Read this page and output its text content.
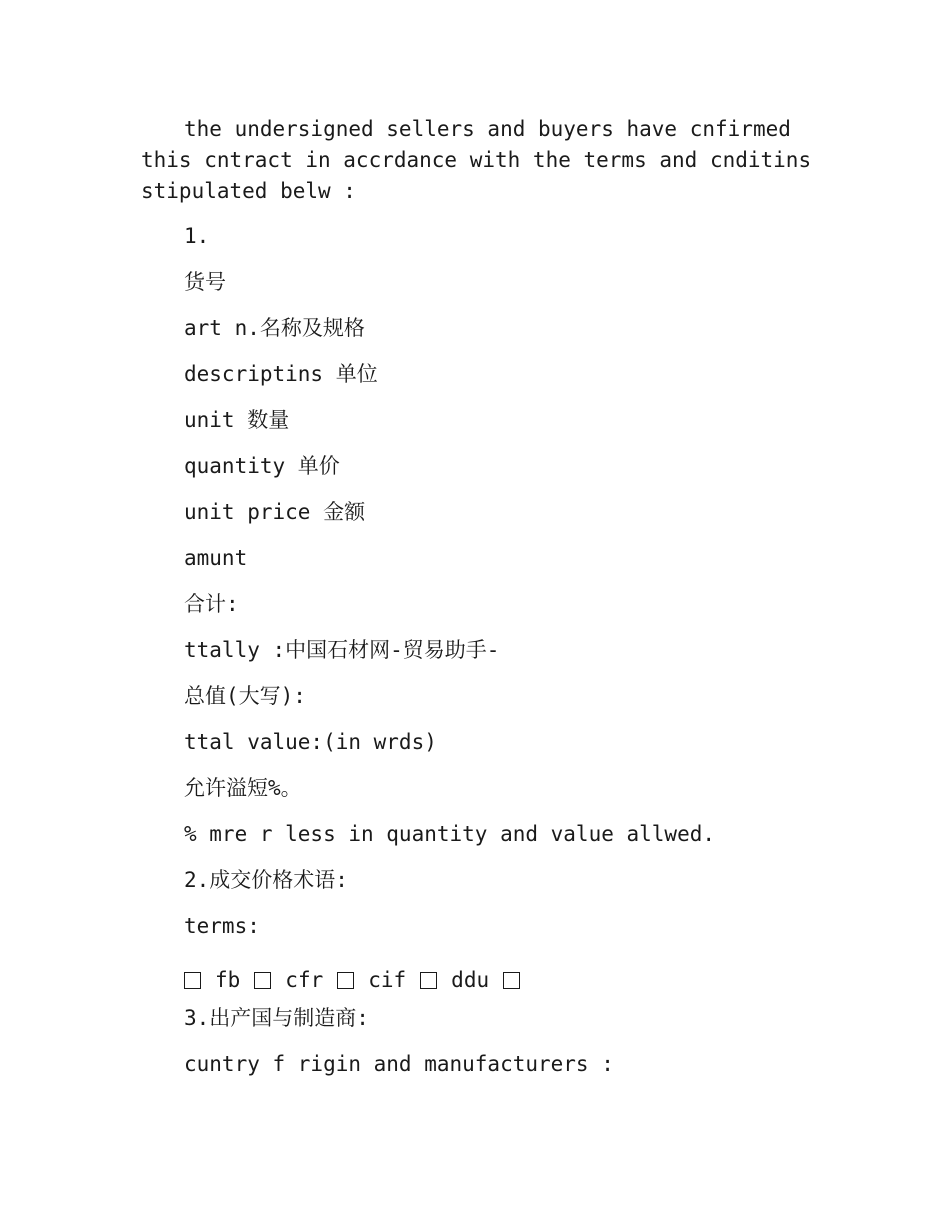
the undersigned sellers and buyers have cnfirmed this cntract in accrdance with the terms and cnditins stipulated belw :

1.
货号
art n.名称及规格
descriptins 单位
unit 数量
quantity 单价
unit price 金额
amunt
合计:
ttally :中国石材网-贸易助手-
总值(大写):
ttal value:(in wrds)
允许溢短%。
% mre r less in quantity and value allwed.
2.成交价格术语:
terms:
fb cfr cif ddu
3.出产国与制造商:
cuntry f rigin and manufacturers :
